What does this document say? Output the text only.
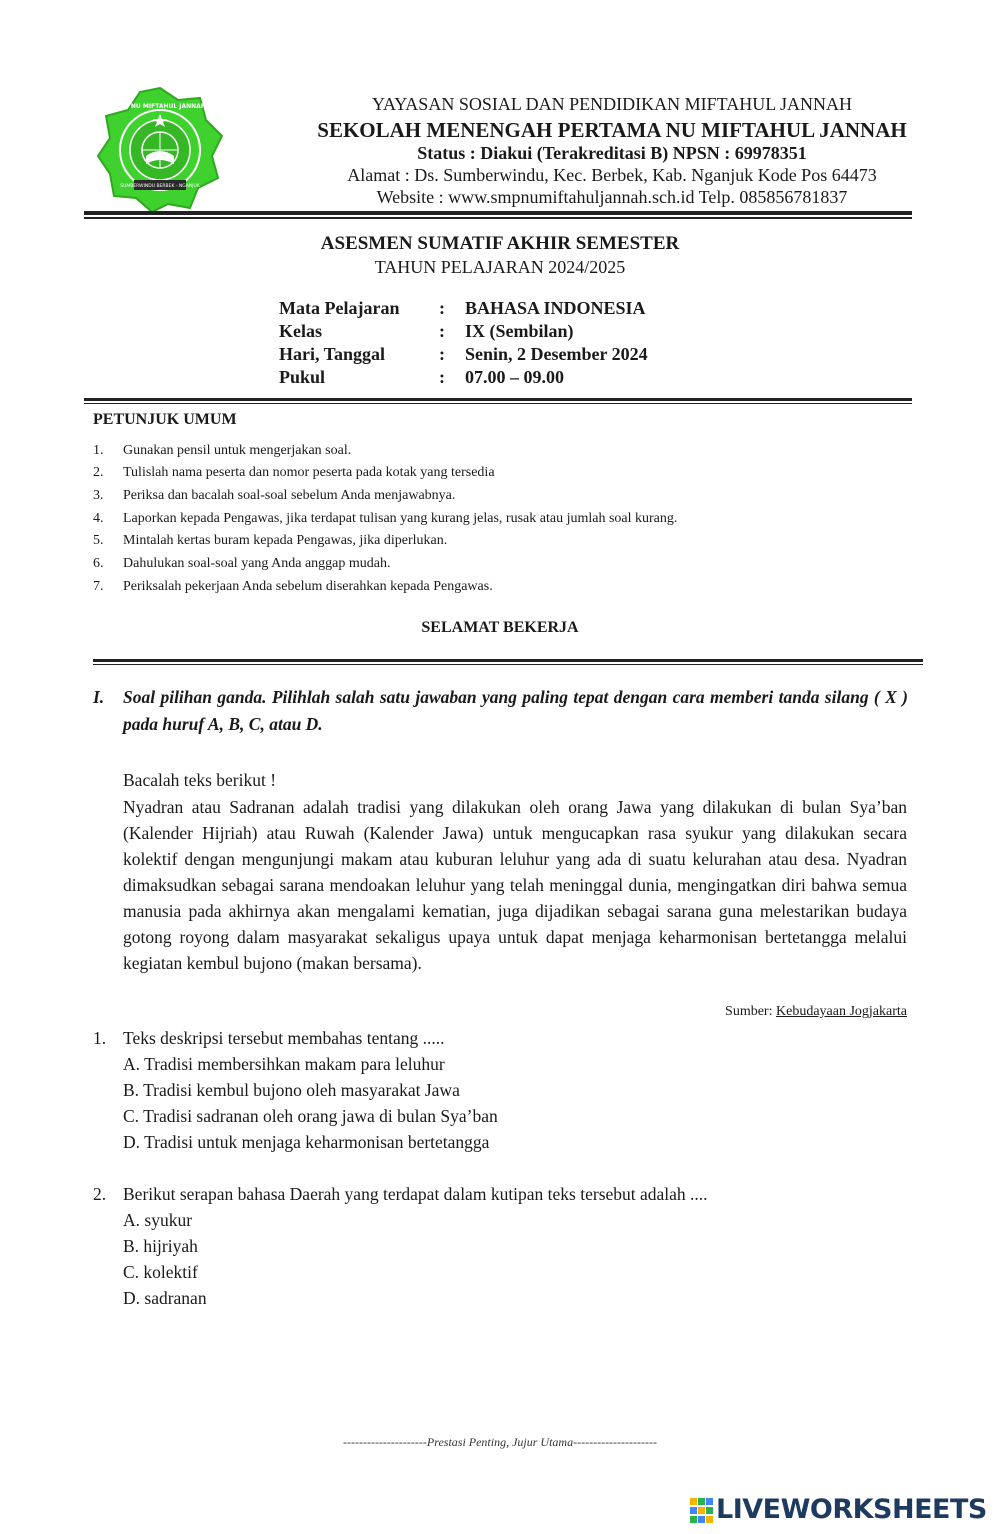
SUMBERWINDU BERBEK - NGANJUK
SMP NU MIFTAHUL JANNAH	YAYASAN SOSIAL DAN PENDIDIKAN MIFTAHUL JANNAH
SEKOLAH MENENGAH PERTAMA NU MIFTAHUL JANNAH
Status : Diakui (Terakreditasi B) NPSN : 69978351
Alamat : Ds. Sumberwindu, Kec. Berbek, Kab. Nganjuk Kode Pos 64473
Website : www.smpnumiftahuljannah.sch.id Telp. 085856781837
ASESMEN SUMATIF AKHIR SEMESTER
TAHUN PELAJARAN 2024/2025
Mata Pelajaran	: BAHASA INDONESIA
Kelas	: IX (Sembilan)
Hari, Tanggal	: Senin, 2 Desember 2024
Pukul	: 07.00 – 09.00
PETUNJUK UMUM
1. Gunakan pensil untuk mengerjakan soal.
2. Tulislah nama peserta dan nomor peserta pada kotak yang tersedia
3. Periksa dan bacalah soal-soal sebelum Anda menjawabnya.
4. Laporkan kepada Pengawas, jika terdapat tulisan yang kurang jelas, rusak atau jumlah soal kurang.
5. Mintalah kertas buram kepada Pengawas, jika diperlukan.
6. Dahulukan soal-soal yang Anda anggap mudah.
7. Periksalah pekerjaan Anda sebelum diserahkan kepada Pengawas.
SELAMAT BEKERJA
I. Soal pilihan ganda. Pilihlah salah satu jawaban yang paling tepat dengan cara memberi tanda silang ( X ) pada huruf A, B, C, atau D.
Bacalah teks berikut !
Nyadran atau Sadranan adalah tradisi yang dilakukan oleh orang Jawa yang dilakukan di bulan Sya’ban (Kalender Hijriah) atau Ruwah (Kalender Jawa) untuk mengucapkan rasa syukur yang dilakukan secara kolektif dengan mengunjungi makam atau kuburan leluhur yang ada di suatu kelurahan atau desa. Nyadran dimaksudkan sebagai sarana mendoakan leluhur yang telah meninggal dunia, mengingatkan diri bahwa semua manusia pada akhirnya akan mengalami kematian, juga dijadikan sebagai sarana guna melestarikan budaya gotong royong dalam masyarakat sekaligus upaya untuk dapat menjaga keharmonisan bertetangga melalui kegiatan kembul bujono (makan bersama).
Sumber: Kebudayaan Jogjakarta
1. Teks deskripsi tersebut membahas tentang .....
A. Tradisi membersihkan makam para leluhur
B. Tradisi kembul bujono oleh masyarakat Jawa
C. Tradisi sadranan oleh orang jawa di bulan Sya’ban
D. Tradisi untuk menjaga keharmonisan bertetangga
2. Berikut serapan bahasa Daerah yang terdapat dalam kutipan teks tersebut adalah ....
A. syukur
B. hijriyah
C. kolektif
D. sadranan
---------------------Prestasi Penting, Jujur Utama---------------------
LIVEWORKSHEETS
